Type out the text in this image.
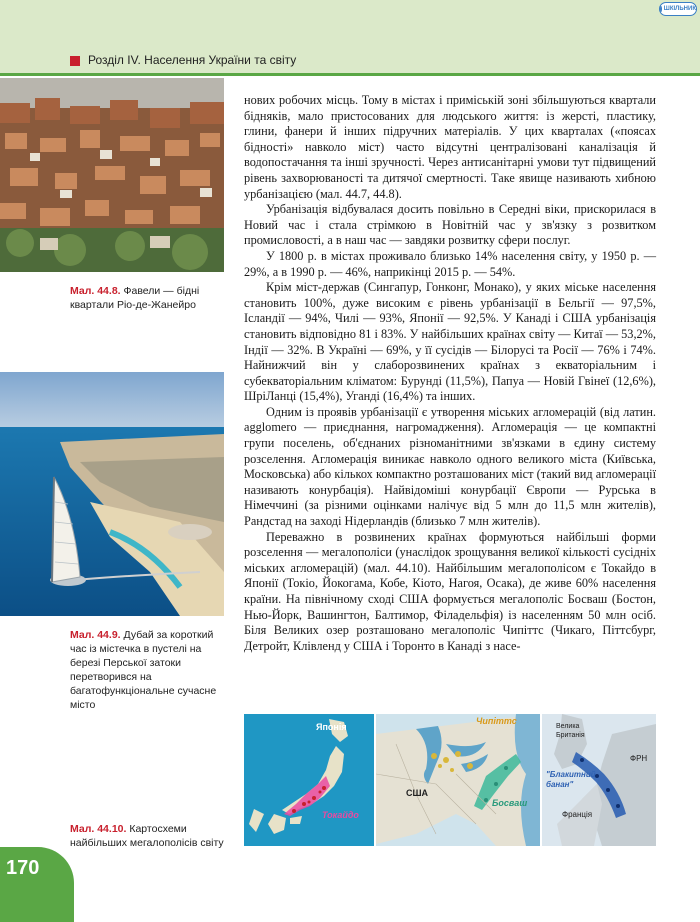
Розділ IV. Населення України та світу
ШКІЛЬНИК
Мал. 44.8. Фавели — бідні квартали Ріо-де-Жанейро
Мал. 44.9. Дубай за короткий час із містечка в пустелі на березі Перської затоки перетворився на багатофункціональне сучасне місто
Мал. 44.10. Картосхеми найбільших мегалополісів світу

нових робочих місць. Тому в містах і приміській зоні збільшуються квартали бідняків, мало пристосованих для людського життя: із жерсті, пластику, глини, фанери й інших підручних матеріалів. У цих кварталах («поясах бідності» навколо міст) часто відсутні централізовані каналізація й водопостачання та інші зручності. Через антисанітарні умови тут підвищений рівень захворюваності та дитячої смертності. Таке явище називають хибною урбанізацією (мал. 44.7, 44.8).

Урбанізація відбувалася досить повільно в Середні віки, прискорилася в Новий час і стала стрімкою в Новітній час у зв'язку з розвитком промисловості, а в наш час — завдяки розвитку сфери послуг.

У 1800 р. в містах проживало близько 14% населення світу, у 1950 р. — 29%, а в 1990 р. — 46%, наприкінці 2015 р. — 54%.

Крім міст-держав (Сингапур, Гонконг, Монако), у яких міське населення становить 100%, дуже високим є рівень урбанізації в Бельгії — 97,5%, Ісландії — 94%, Чилі — 93%, Японії — 92,5%. У Канаді і США урбанізація становить відповідно 81 і 83%. У найбільших країнах світу — Китаї — 53,2%, Індії — 32%. В Україні — 69%, у її сусідів — Білорусі та Росії — 76% і 74%. Найнижчий він у слаборозвинених країнах з екваторіальним і субекваторіальним кліматом: Бурунді (11,5%), Папуа — Новій Гвінеї (12,6%), ШріЛанці (15,4%), Уганді (16,4%) та інших.

Одним із проявів урбанізації є утворення міських агломерацій (від латин. agglomero — приєднання, нагромадження). Агломерація — це компактні групи поселень, об'єднаних різноманітними зв'язками в єдину систему розселення. Агломерація виникає навколо одного великого міста (Київська, Московська) або кількох компактно розташованих міст (такий вид агломерації називають конурбація). Найвідоміші конурбації Європи — Рурська в Німеччині (за різними оцінками налічує від 5 млн до 11,5 млн жителів), Рандстад на заході Нідерландів (близько 7 млн жителів).

Переважно в розвинених країнах формуються найбільші форми розселення — мегалополіси (унаслідок зрощування великої кількості сусідніх міських агломерацій) (мал. 44.10). Найбільшим мегалополісом є Токайдо в Японії (Токіо, Йокогама, Кобе, Кіото, Нагоя, Осака), де живе 60% населення країни. На північному сході США формується мегалополіс Босваш (Бостон, Нью-Йорк, Вашингтон, Балтимор, Філадельфія) із населенням 50 млн осіб. Біля Великих озер розташовано мегалополіс Чипіттс (Чикаго, Піттсбург, Детройт, Клівленд у США і Торонто в Канаді з насе-

Японія
Токайдо
Чипіттс
США
Босваш
Велика Британія
ФРН
"Блакитний банан"
Франція
170
